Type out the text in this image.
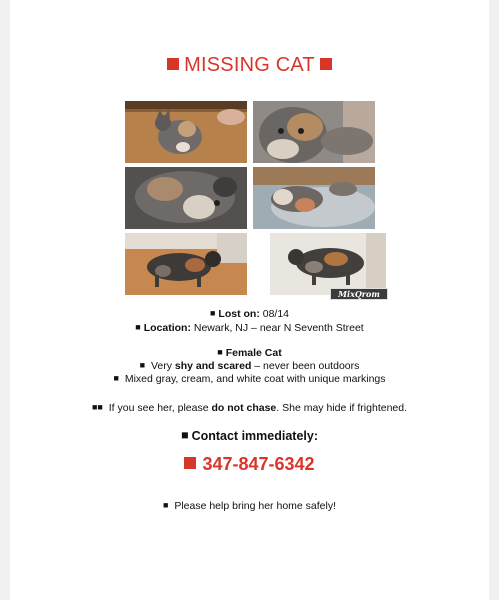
MISSING CAT
MixQrom
■ Lost on: 08/14
■ Location: Newark, NJ – near N Seventh Street
■ Female Cat
■ Very shy and scared – never been outdoors
■ Mixed gray, cream, and white coat with unique markings
■■ If you see her, please do not chase. She may hide if frightened.
■ Contact immediately:
347-847-6342
■ Please help bring her home safely!
